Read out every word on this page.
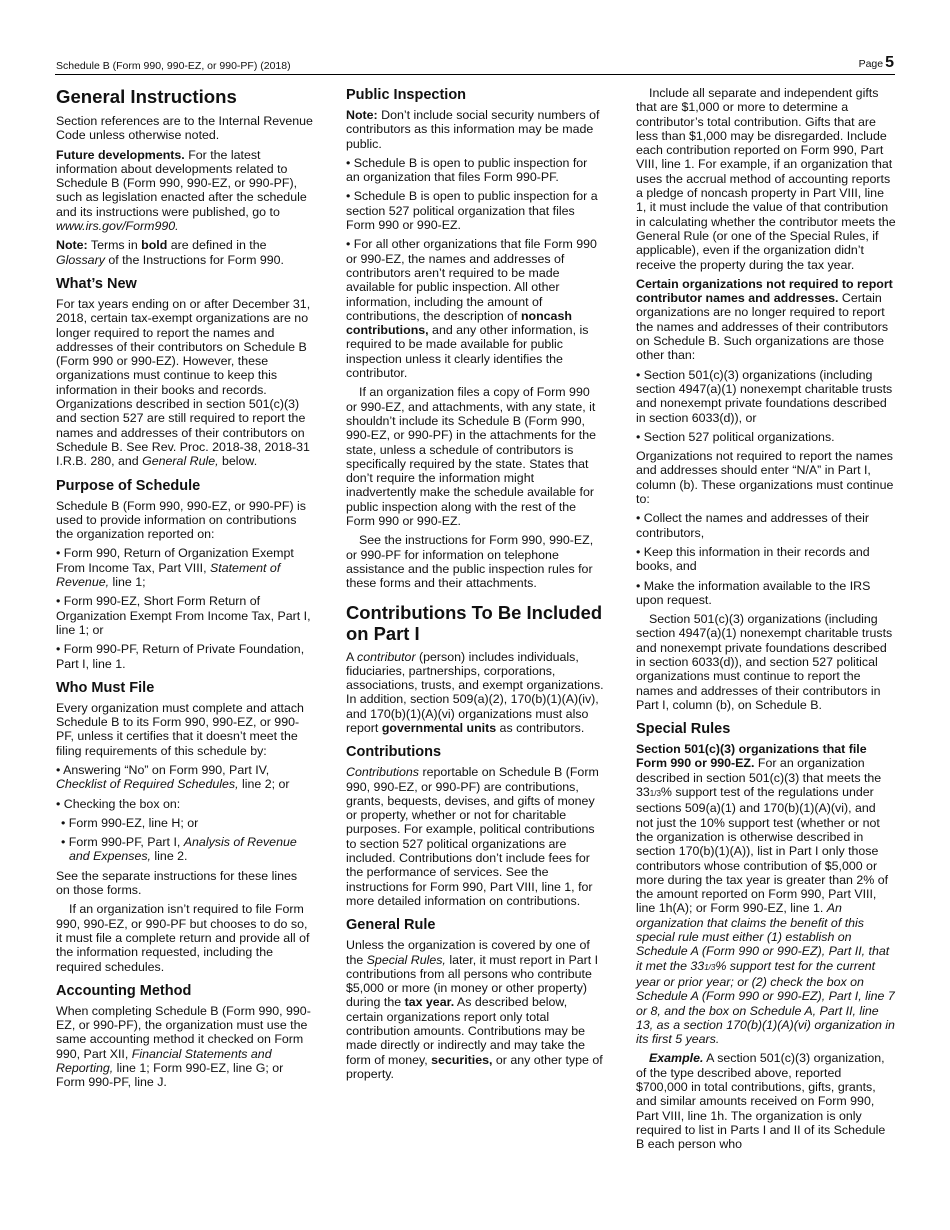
Schedule B (Form 990, 990-EZ, or 990-PF) (2018)	Page 5
General Instructions

Section references are to the Internal Revenue Code unless otherwise noted.

Future developments. For the latest information about developments related to Schedule B (Form 990, 990-EZ, or 990-PF), such as legislation enacted after the schedule and its instructions were published, go to www.irs.gov/Form990.

Note: Terms in bold are defined in the Glossary of the Instructions for Form 990.

What’s New

For tax years ending on or after December 31, 2018, certain tax-exempt organizations are no longer required to report the names and addresses of their contributors on Schedule B (Form 990 or 990-EZ). However, these organizations must continue to keep this information in their books and records. Organizations described in section 501(c)(3) and section 527 are still required to report the names and addresses of their contributors on Schedule B. See Rev. Proc. 2018-38, 2018-31 I.R.B. 280, and General Rule, below.

Purpose of Schedule

Schedule B (Form 990, 990-EZ, or 990-PF) is used to provide information on contributions the organization reported on:

• Form 990, Return of Organization Exempt From Income Tax, Part VIII, Statement of Revenue, line 1;

• Form 990-EZ, Short Form Return of Organization Exempt From Income Tax, Part I, line 1; or

• Form 990-PF, Return of Private Foundation, Part I, line 1.

Who Must File

Every organization must complete and attach Schedule B to its Form 990, 990-EZ, or 990-PF, unless it certifies that it doesn’t meet the filing requirements of this schedule by:

• Answering “No” on Form 990, Part IV, Checklist of Required Schedules, line 2; or

• Checking the box on:

• Form 990-EZ, line H; or

• Form 990-PF, Part I, Analysis of Revenue and Expenses, line 2.

See the separate instructions for these lines on those forms.

If an organization isn’t required to file Form 990, 990-EZ, or 990-PF but chooses to do so, it must file a complete return and provide all of the information requested, including the required schedules.

Accounting Method

When completing Schedule B (Form 990, 990-EZ, or 990-PF), the organization must use the same accounting method it checked on Form 990, Part XII, Financial Statements and Reporting, line 1; Form 990-EZ, line G; or Form 990-PF, line J.

Public Inspection

Note: Don’t include social security numbers of contributors as this information may be made public.

• Schedule B is open to public inspection for an organization that files Form 990-PF.

• Schedule B is open to public inspection for a section 527 political organization that files Form 990 or 990-EZ.

• For all other organizations that file Form 990 or 990-EZ, the names and addresses of contributors aren’t required to be made available for public inspection. All other information, including the amount of contributions, the description of noncash contributions, and any other information, is required to be made available for public inspection unless it clearly identifies the contributor.

If an organization files a copy of Form 990 or 990-EZ, and attachments, with any state, it shouldn’t include its Schedule B (Form 990, 990-EZ, or 990-PF) in the attachments for the state, unless a schedule of contributors is specifically required by the state. States that don’t require the information might inadvertently make the schedule available for public inspection along with the rest of the Form 990 or 990-EZ.

See the instructions for Form 990, 990-EZ, or 990-PF for information on telephone assistance and the public inspection rules for these forms and their attachments.

Contributions To Be Included on Part I

A contributor (person) includes individuals, fiduciaries, partnerships, corporations, associations, trusts, and exempt organizations. In addition, section 509(a)(2), 170(b)(1)(A)(iv), and 170(b)(1)(A)(vi) organizations must also report governmental units as contributors.

Contributions

Contributions reportable on Schedule B (Form 990, 990-EZ, or 990-PF) are contributions, grants, bequests, devises, and gifts of money or property, whether or not for charitable purposes. For example, political contributions to section 527 political organizations are included. Contributions don’t include fees for the performance of services. See the instructions for Form 990, Part VIII, line 1, for more detailed information on contributions.

General Rule

Unless the organization is covered by one of the Special Rules, later, it must report in Part I contributions from all persons who contribute $5,000 or more (in money or other property) during the tax year. As described below, certain organizations report only total contribution amounts. Contributions may be made directly or indirectly and may take the form of money, securities, or any other type of property.

Include all separate and independent gifts that are $1,000 or more to determine a contributor’s total contribution. Gifts that are less than $1,000 may be disregarded. Include each contribution reported on Form 990, Part VIII, line 1. For example, if an organization that uses the accrual method of accounting reports a pledge of noncash property in Part VIII, line 1, it must include the value of that contribution in calculating whether the contributor meets the General Rule (or one of the Special Rules, if applicable), even if the organization didn’t receive the property during the tax year.

Certain organizations not required to report contributor names and addresses. Certain organizations are no longer required to report the names and addresses of their contributors on Schedule B. Such organizations are those other than:

• Section 501(c)(3) organizations (including section 4947(a)(1) nonexempt charitable trusts and nonexempt private foundations described in section 6033(d)), or

• Section 527 political organizations.

Organizations not required to report the names and addresses should enter “N/A” in Part I, column (b). These organizations must continue to:

• Collect the names and addresses of their contributors,

• Keep this information in their records and books, and

• Make the information available to the IRS upon request.

Section 501(c)(3) organizations (including section 4947(a)(1) nonexempt charitable trusts and nonexempt private foundations described in section 6033(d)), and section 527 political organizations must continue to report the names and addresses of their contributors in Part I, column (b), on Schedule B.

Special Rules

Section 501(c)(3) organizations that file Form 990 or 990-EZ. For an organization described in section 501(c)(3) that meets the 331/3% support test of the regulations under sections 509(a)(1) and 170(b)(1)(A)(vi), and not just the 10% support test (whether or not the organization is otherwise described in section 170(b)(1)(A)), list in Part I only those contributors whose contribution of $5,000 or more during the tax year is greater than 2% of the amount reported on Form 990, Part VIII, line 1h(A); or Form 990-EZ, line 1. An organization that claims the benefit of this special rule must either (1) establish on Schedule A (Form 990 or 990-EZ), Part II, that it met the 331/3% support test for the current year or prior year; or (2) check the box on Schedule A (Form 990 or 990-EZ), Part I, line 7 or 8, and the box on Schedule A, Part II, line 13, as a section 170(b)(1)(A)(vi) organization in its first 5 years.

Example. A section 501(c)(3) organization, of the type described above, reported $700,000 in total contributions, gifts, grants, and similar amounts received on Form 990, Part VIII, line 1h. The organization is only required to list in Parts I and II of its Schedule B each person who
